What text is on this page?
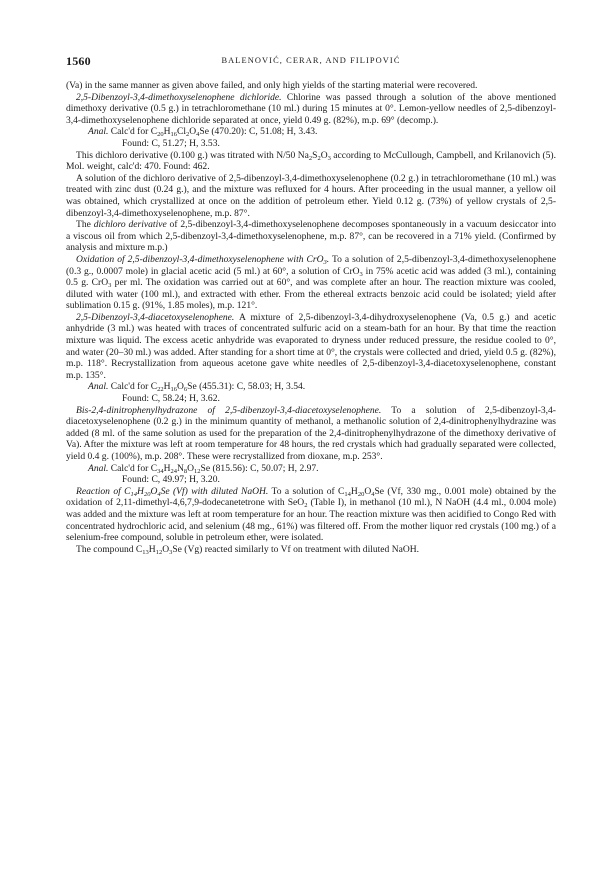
1560	BALENOVIĆ, CERAR, AND FILIPOVIĆ

(Va) in the same manner as given above failed, and only high yields of the starting material were recovered.

2,5-Dibenzoyl-3,4-dimethoxyselenophene dichloride. Chlorine was passed through a solution of the above mentioned dimethoxy derivative (0.5 g.) in tetrachloromethane (10 ml.) during 15 minutes at 0°. Lemon-yellow needles of 2,5-dibenzoyl-3,4-dimethoxyselenophene dichloride separated at once, yield 0.49 g. (82%), m.p. 69° (decomp.).

Anal. Calc'd for $C_{20}H_{16}Cl_2O_4Se$ (470.20): C, 51.08; H, 3.43.

Found: C, 51.27; H, 3.53.

This dichloro derivative (0.100 g.) was titrated with N/50 $Na_2S_2O_3$ according to McCullough, Campbell, and Krilanovich (5). Mol. weight, calc'd: 470. Found: 462.

A solution of the dichloro derivative of 2,5-dibenzoyl-3,4-dimethoxyselenophene (0.2 g.) in tetrachloromethane (10 ml.) was treated with zinc dust (0.24 g.), and the mixture was refluxed for 4 hours. After proceeding in the usual manner, a yellow oil was obtained, which crystallized at once on the addition of petroleum ether. Yield 0.12 g. (73%) of yellow crystals of 2,5-dibenzoyl-3,4-dimethoxyselenophene, m.p. 87°.

The dichloro derivative of 2,5-dibenzoyl-3,4-dimethoxyselenophene decomposes spontaneously in a vacuum desiccator into a viscous oil from which 2,5-dibenzoyl-3,4-dimethoxyselenophene, m.p. 87°, can be recovered in a 71% yield. (Confirmed by analysis and mixture m.p.)

Oxidation of 2,5-dibenzoyl-3,4-dimethoxyselenophene with CrO$_3$. To a solution of 2,5-dibenzoyl-3,4-dimethoxyselenophene (0.3 g., 0.0007 mole) in glacial acetic acid (5 ml.) at 60°, a solution of CrO$_3$ in 75% acetic acid was added (3 ml.), containing 0.5 g. CrO$_3$ per ml. The oxidation was carried out at 60°, and was complete after an hour. The reaction mixture was cooled, diluted with water (100 ml.), and extracted with ether. From the ethereal extracts benzoic acid could be isolated; yield after sublimation 0.15 g. (91%, 1.85 moles), m.p. 121°.

2,5-Dibenzoyl-3,4-diacetoxyselenophene. A mixture of 2,5-dibenzoyl-3,4-dihydroxyselenophene (Va, 0.5 g.) and acetic anhydride (3 ml.) was heated with traces of concentrated sulfuric acid on a steam-bath for an hour. By that time the reaction mixture was liquid. The excess acetic anhydride was evaporated to dryness under reduced pressure, the residue cooled to 0°, and water (20–30 ml.) was added. After standing for a short time at 0°, the crystals were collected and dried, yield 0.5 g. (82%), m.p. 118°. Recrystallization from aqueous acetone gave white needles of 2,5-dibenzoyl-3,4-diacetoxyselenophene, constant m.p. 135°.

Anal. Calc'd for $C_{22}H_{16}O_6Se$ (455.31): C, 58.03; H, 3.54.

Found: C, 58.24; H, 3.62.

Bis-2,4-dinitrophenylhydrazone of 2,5-dibenzoyl-3,4-diacetoxyselenophene. To a solution of 2,5-dibenzoyl-3,4-diacetoxyselenophene (0.2 g.) in the minimum quantity of methanol, a methanolic solution of 2,4-dinitrophenylhydrazine was added (8 ml. of the same solution as used for the preparation of the 2,4-dinitrophenylhydrazone of the dimethoxy derivative of Va). After the mixture was left at room temperature for 48 hours, the red crystals which had gradually separated were collected, yield 0.4 g. (100%), m.p. 208°. These were recrystallized from dioxane, m.p. 253°.

Anal. Calc'd for $C_{34}H_{24}N_8O_{12}Se$ (815.56): C, 50.07; H, 2.97.

Found: C, 49.97; H, 3.20.

Reaction of $C_{14}H_{20}O_4Se$ (Vf) with diluted NaOH. To a solution of $C_{14}H_{20}O_4Se$ (Vf, 330 mg., 0.001 mole) obtained by the oxidation of 2,11-dimethyl-4,6,7,9-dodecanetetrone with SeO$_2$ (Table I), in methanol (10 ml.), N NaOH (4.4 ml., 0.004 mole) was added and the mixture was left at room temperature for an hour. The reaction mixture was then acidified to Congo Red with concentrated hydrochloric acid, and selenium (48 mg., 61%) was filtered off. From the mother liquor red crystals (100 mg.) of a selenium-free compound, soluble in petroleum ether, were isolated.

The compound $C_{13}H_{12}O_3Se$ (Vg) reacted similarly to Vf on treatment with diluted NaOH.
